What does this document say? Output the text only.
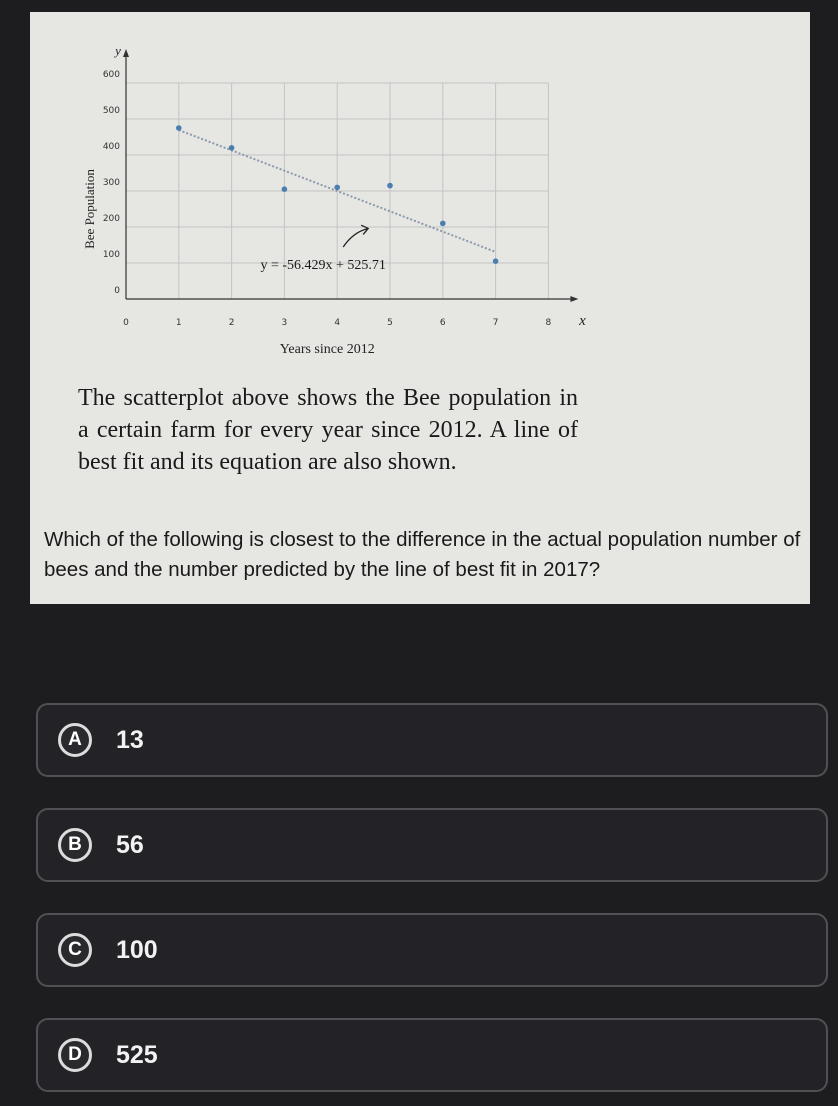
0	1	2	3	4	5	6	7	8
0
100
200
300
400
500
600
x
y
Years since 2012
Bee Population
y = -56.429x + 525.71
The scatterplot above shows the Bee population in a certain farm for every year since 2012. A line of best fit and its equation are also shown.
Which of the following is closest to the difference in the actual population number of bees and the number predicted by the line of best fit in 2017?
A	13
B	56
C	100
D	525
